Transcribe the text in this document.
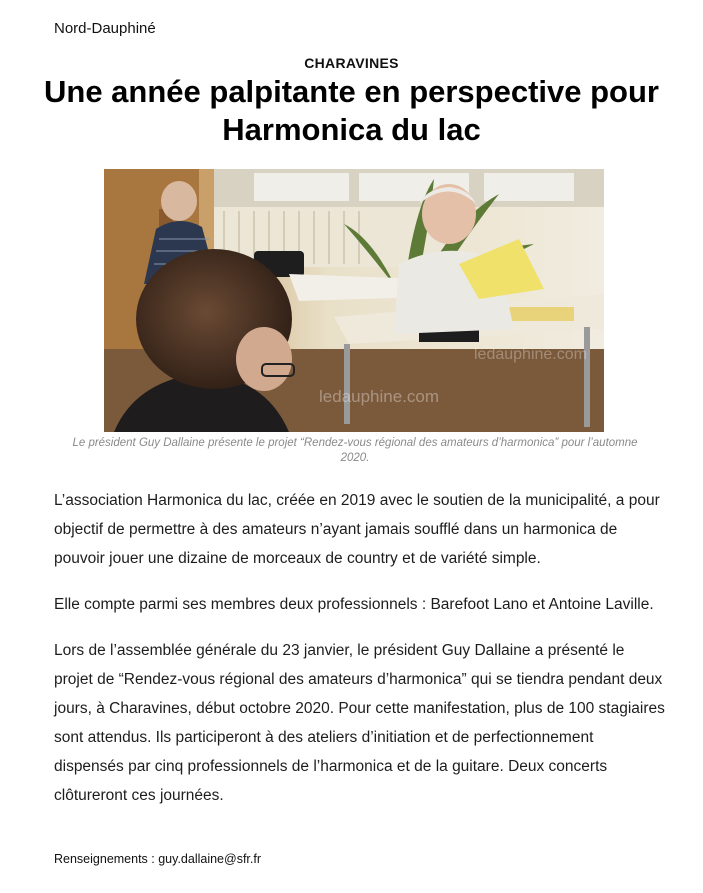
Nord-Dauphiné
CHARAVINES
Une année palpitante en perspective pour Harmonica du lac
ledauphine.com
ledauphine.com
Le président Guy Dallaine présente le projet “Rendez-vous régional des amateurs d’harmonica” pour l’automne 2020.

L’association Harmonica du lac, créée en 2019 avec le soutien de la municipalité, a pour objectif de permettre à des amateurs n’ayant jamais soufflé dans un harmonica de pouvoir jouer une dizaine de morceaux de country et de variété simple.

Elle compte parmi ses membres deux professionnels : Barefoot Lano et Antoine Laville.

Lors de l’assemblée générale du 23 janvier, le président Guy Dallaine a présenté le projet de “Rendez-vous régional des amateurs d’harmonica” qui se tiendra pendant deux jours, à Charavines, début octobre 2020. Pour cette manifestation, plus de 100 stagiaires sont attendus. Ils participeront à des ateliers d’initiation et de perfectionnement dispensés par cinq professionnels de l’harmonica et de la guitare. Deux concerts clôtureront ces journées.

Renseignements : guy.dallaine@sfr.fr
